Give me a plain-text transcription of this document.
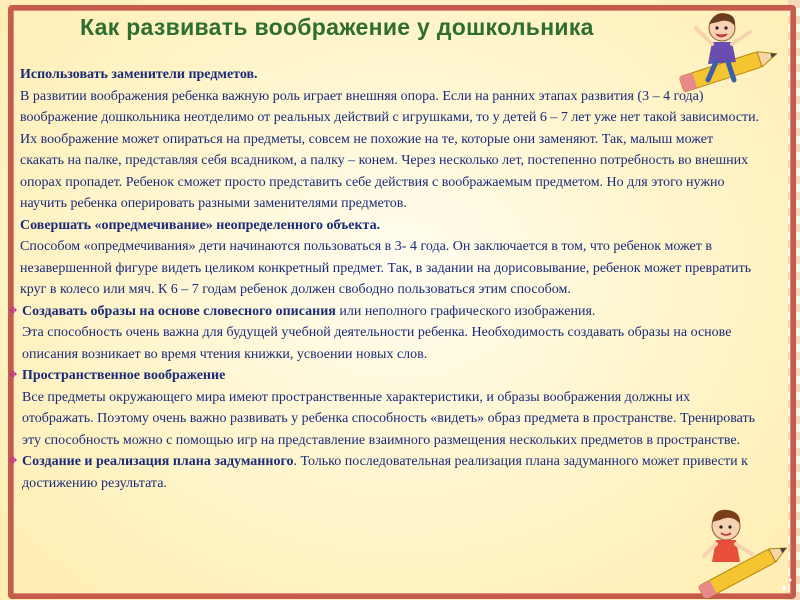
Как развивать воображение у дошкольника

Использовать заменители предметов.
В развитии воображения ребенка важную роль играет внешняя опора. Если на ранних этапах развития (3 – 4 года) воображение дошкольника неотделимо от реальных действий с игрушками, то у детей 6 – 7 лет уже нет такой зависимости. Их воображение может опираться на предметы, совсем не похожие на те, которые они заменяют. Так, малыш может скакать на палке, представляя себя всадником, а палку – конем. Через несколько лет, постепенно потребность во внешних опорах пропадет. Ребенок сможет просто представить себе действия с воображаемым предметом. Но для этого нужно научить ребенка оперировать разными заменителями предметов.

Совершать «опредмечивание» неопределенного объекта.
Способом «опредмечивания» дети начинаются пользоваться в 3- 4 года. Он заключается в том, что ребенок может в незавершенной фигуре видеть целиком конкретный предмет. Так, в задании на дорисовывание, ребенок может превратить круг в колесо или мяч. К 6 – 7 годам ребенок должен свободно пользоваться этим способом.

❖ Создавать образы на основе словесного описания или неполного графического изображения.
Эта способность очень важна для будущей учебной деятельности ребенка. Необходимость создавать образы на основе описания возникает во время чтения книжки, усвоении новых слов.

❖ Пространственное воображение
Все предметы окружающего мира имеют пространственные характеристики, и образы воображения должны их отображать. Поэтому очень важно развивать у ребенка способность «видеть» образ предмета в пространстве. Тренировать эту способность можно с помощью игр на представление взаимного размещения нескольких предметов в пространстве.

❖ Создание и реализация плана задуманного. Только последовательная реализация плана задуманного может привести к достижению результата.
